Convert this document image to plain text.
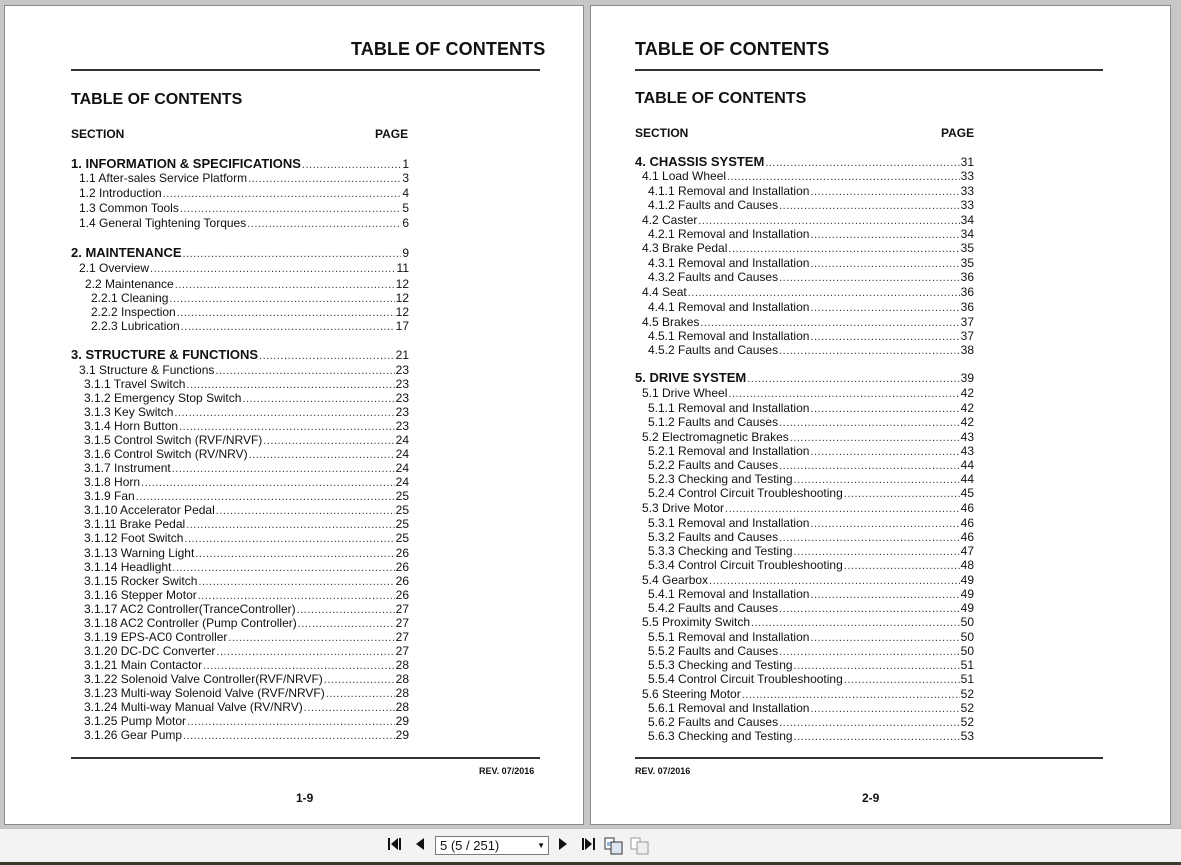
TABLE OF CONTENTS
TABLE OF CONTENTS
SECTION	PAGE
1. INFORMATION & SPECIFICATIONS .....	1
1.1 After-sales Service Platform .....	3
1.2 Introduction .....	4
1.3 Common Tools .....	5
1.4 General Tightening Torques .....	6
2. MAINTENANCE .....	9
2.1 Overview .....	11
2.2 Maintenance .....	12
2.2.1 Cleaning .....	12
2.2.2 Inspection .....	12
2.2.3 Lubrication .....	17
3. STRUCTURE & FUNCTIONS .....	21
3.1 Structure & Functions .....	23
3.1.1 Travel Switch .....	23
3.1.2 Emergency Stop Switch .....	23
3.1.3 Key Switch .....	23
3.1.4 Horn Button .....	23
3.1.5 Control Switch (RVF/NRVF) .....	24
3.1.6 Control Switch (RV/NRV) .....	24
3.1.7 Instrument .....	24
3.1.8 Horn .....	24
3.1.9 Fan .....	25
3.1.10 Accelerator Pedal .....	25
3.1.11 Brake Pedal .....	25
3.1.12 Foot Switch .....	25
3.1.13 Warning Light .....	26
3.1.14 Headlight .....	26
3.1.15 Rocker Switch .....	26
3.1.16 Stepper Motor .....	26
3.1.17 AC2 Controller(TranceController) .....	27
3.1.18 AC2 Controller (Pump Controller) .....	27
3.1.19 EPS-AC0 Controller .....	27
3.1.20 DC-DC Converter .....	27
3.1.21 Main Contactor .....	28
3.1.22 Solenoid Valve Controller(RVF/NRVF) .....	28
3.1.23 Multi-way Solenoid Valve (RVF/NRVF) .....	28
3.1.24 Multi-way Manual Valve (RV/NRV) .....	28
3.1.25 Pump Motor .....	29
3.1.26 Gear Pump .....	29
REV. 07/2016
1-9
TABLE OF CONTENTS
TABLE OF CONTENTS
SECTION	PAGE
4. CHASSIS SYSTEM .....	31
4.1 Load Wheel .....	33
4.1.1 Removal and Installation .....	33
4.1.2 Faults and Causes .....	33
4.2 Caster .....	34
4.2.1 Removal and Installation .....	34
4.3 Brake Pedal .....	35
4.3.1 Removal and Installation .....	35
4.3.2 Faults and Causes .....	36
4.4 Seat .....	36
4.4.1 Removal and Installation .....	36
4.5 Brakes .....	37
4.5.1 Removal and Installation .....	37
4.5.2 Faults and Causes .....	38
5. DRIVE SYSTEM .....	39
5.1 Drive Wheel .....	42
5.1.1 Removal and Installation .....	42
5.1.2 Faults and Causes .....	42
5.2 Electromagnetic Brakes .....	43
5.2.1 Removal and Installation .....	43
5.2.2 Faults and Causes .....	44
5.2.3 Checking and Testing .....	44
5.2.4 Control Circuit Troubleshooting .....	45
5.3 Drive Motor .....	46
5.3.1 Removal and Installation .....	46
5.3.2 Faults and Causes .....	46
5.3.3 Checking and Testing .....	47
5.3.4 Control Circuit Troubleshooting .....	48
5.4 Gearbox .....	49
5.4.1 Removal and Installation .....	49
5.4.2 Faults and Causes .....	49
5.5 Proximity Switch .....	50
5.5.1 Removal and Installation .....	50
5.5.2 Faults and Causes .....	50
5.5.3 Checking and Testing .....	51
5.5.4 Control Circuit Troubleshooting .....	51
5.6 Steering Motor .....	52
5.6.1 Removal and Installation .....	52
5.6.2 Faults and Causes .....	52
5.6.3 Checking and Testing .....	53
REV. 07/2016
2-9
5 (5 / 251)	▼
